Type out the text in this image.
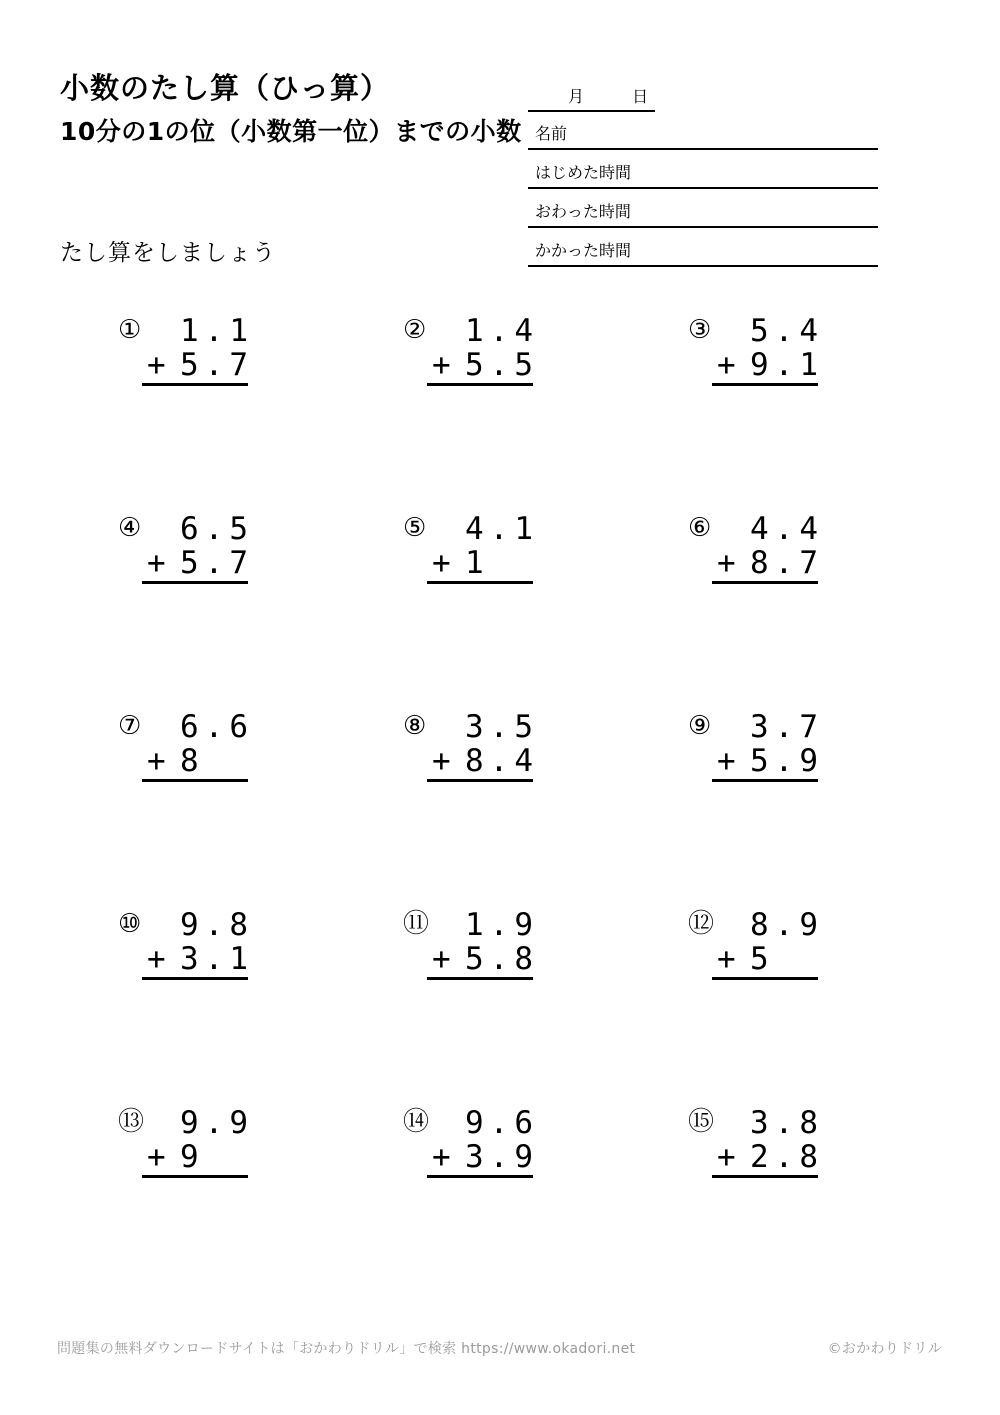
小数のたし算（ひっ算）
10分の1の位（小数第一位）までの小数
たし算をしましょう
月	日
名前
はじめた時間
おわった時間
かかった時間
① 1.1
+ 5.7
② 1.4
+ 5.5
③ 5.4
+ 9.1
④ 6.5
+ 5.7
⑤ 4.1
+ 1
⑥ 4.4
+ 8.7
⑦ 6.6
+ 8
⑧ 3.5
+ 8.4
⑨ 3.7
+ 5.9
⑩ 9.8
+ 3.1
⑪ 1.9
+ 5.8
⑫ 8.9
+ 5
⑬ 9.9
+ 9
⑭ 9.6
+ 3.9
⑮ 3.8
+ 2.8
問題集の無料ダウンロードサイトは「おかわりドリル」で検索 https://www.okadori.net	©おかわりドリル
